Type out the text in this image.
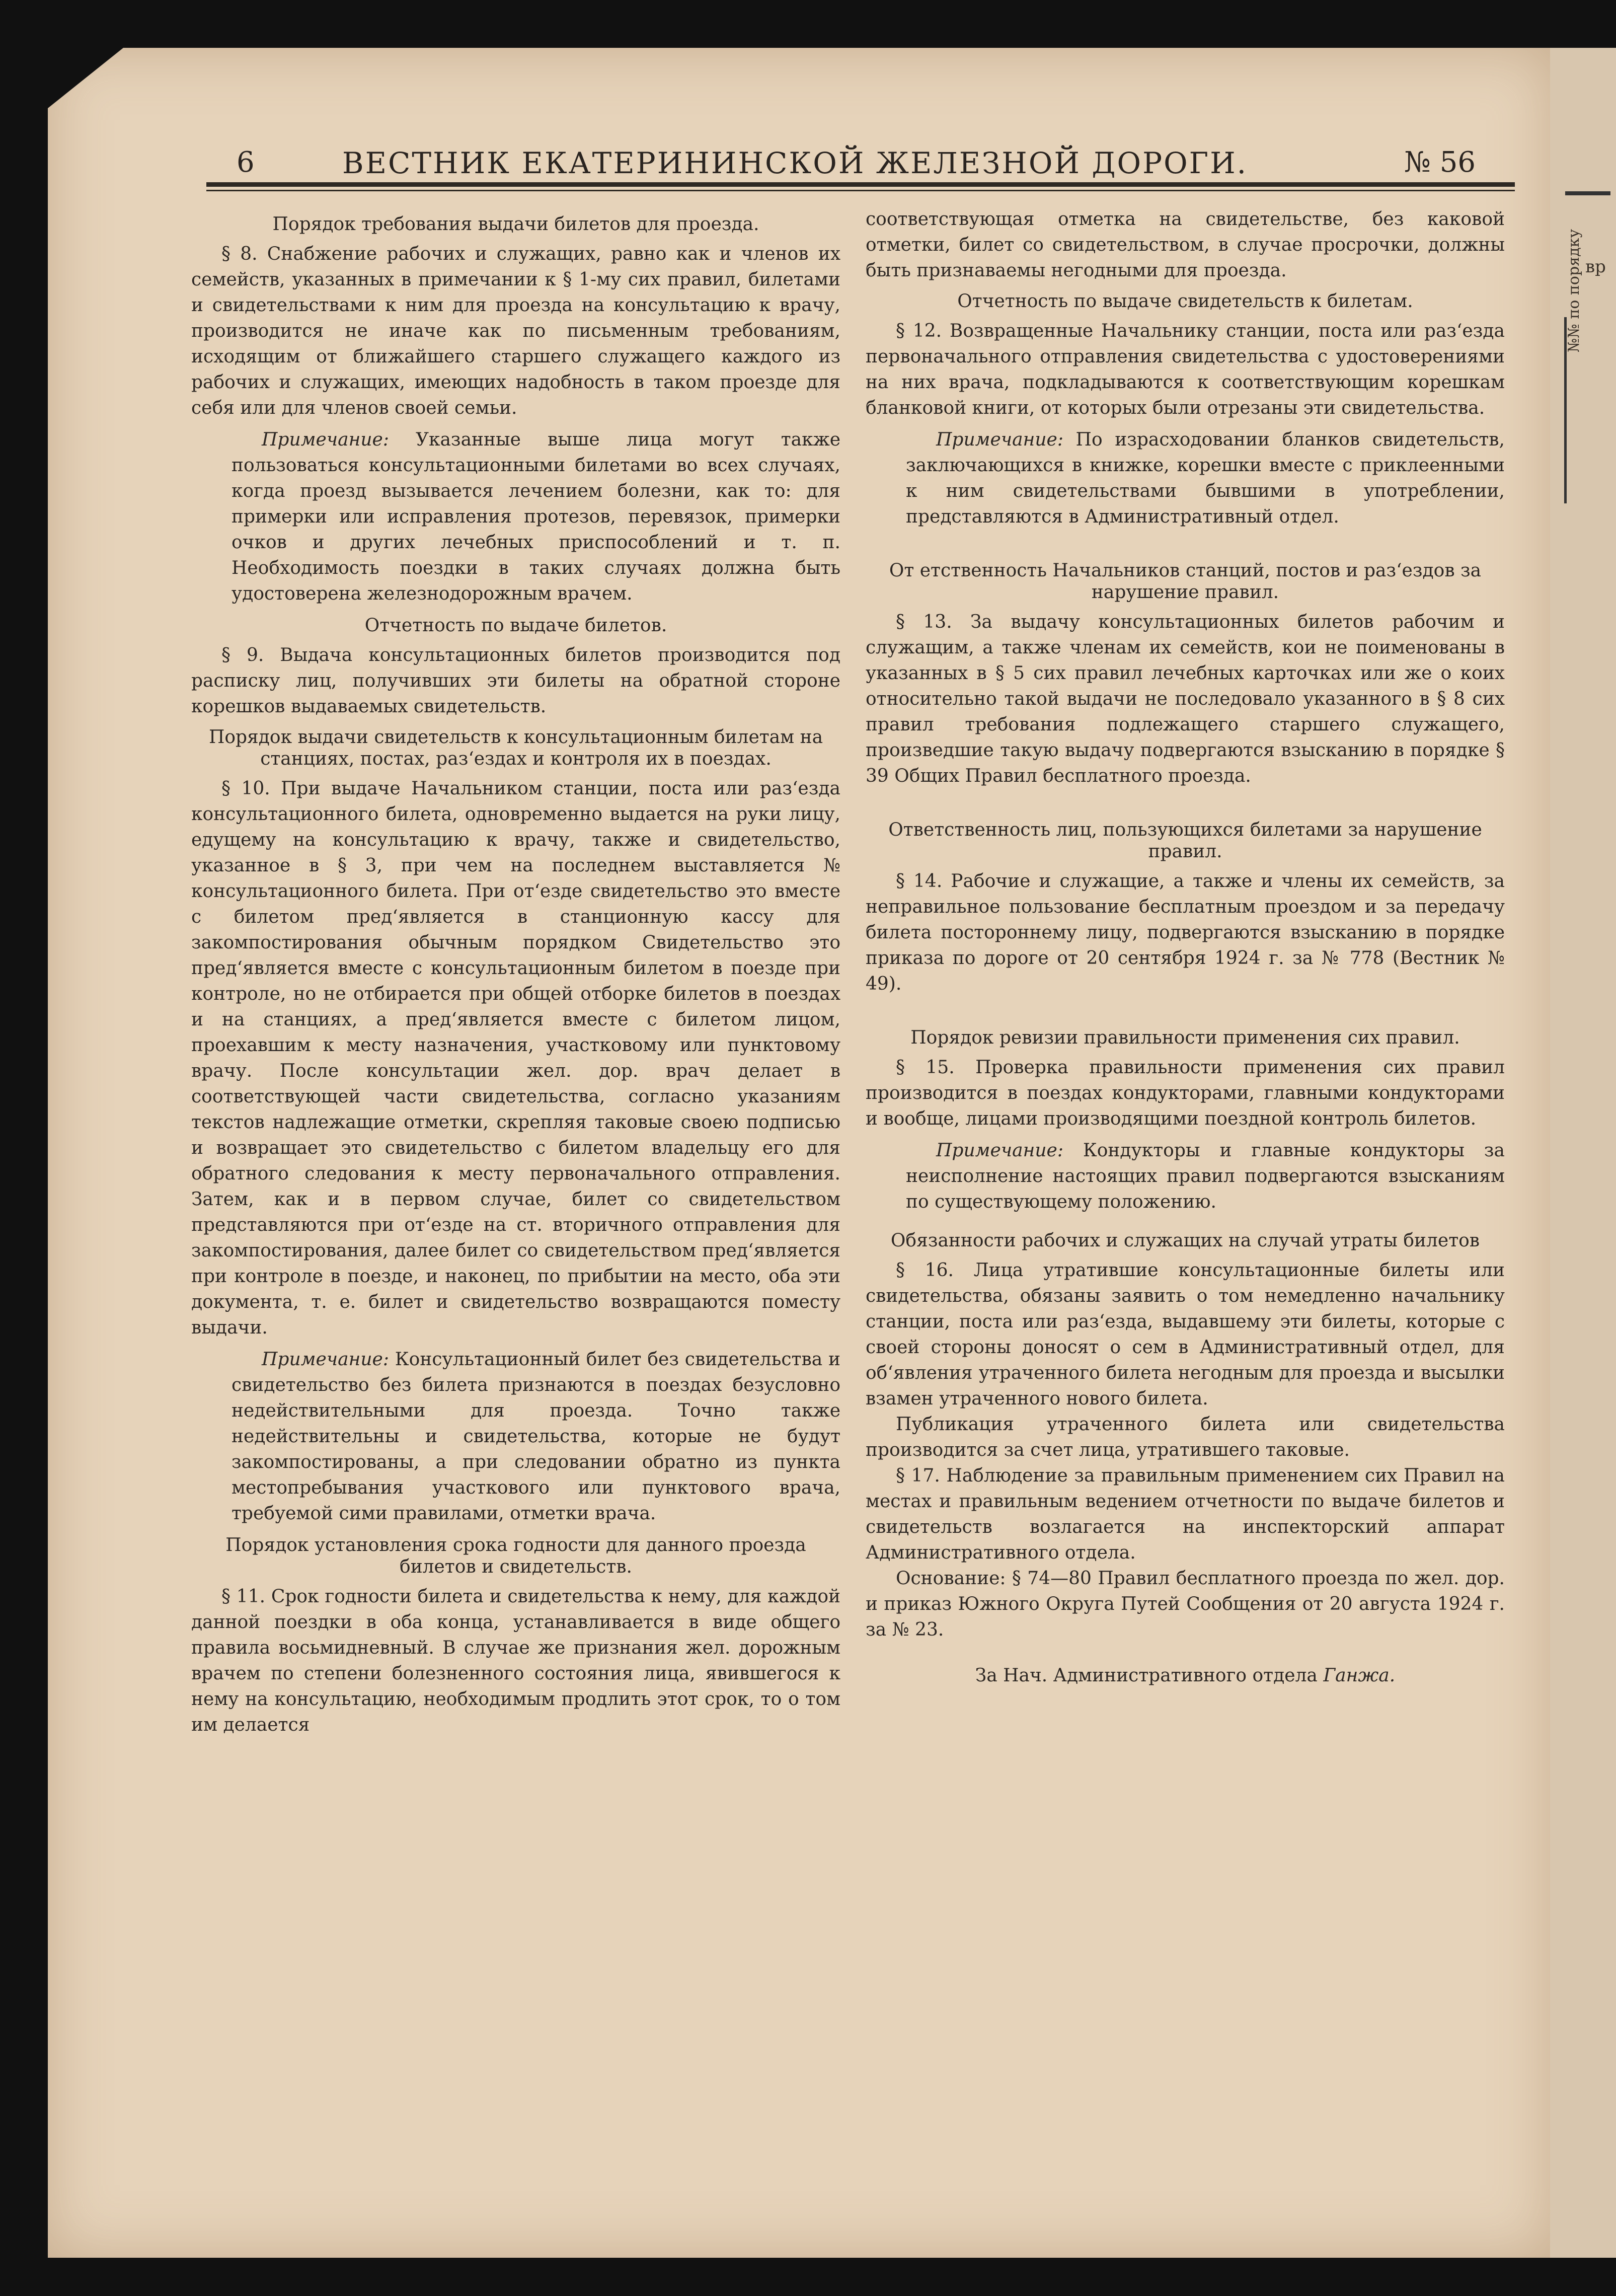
вр
№№ по порядку
6	ВЕСТНИК ЕКАТЕРИНИНСКОЙ ЖЕЛЕЗНОЙ ДОРОГИ.	№ 56

Порядок требования выдачи билетов для проезда.

§ 8. Снабжение рабочих и служащих, равно как и членов их семейств, указанных в примечании к § 1-му сих правил, билетами и свидетельствами к ним для проезда на консультацию к врачу, производится не иначе как по письменным требованиям, исходящим от ближайшего старшего служащего каждого из рабочих и служащих, имеющих надобность в таком проезде для себя или для членов своей семьи.

Примечание: Указанные выше лица могут также пользоваться консультационными билетами во всех случаях, когда проезд вызывается лечением болезни, как то: для примерки или исправления протезов, перевязок, примерки очков и других лечебных приспособлений и т. п. Необходимость поездки в таких случаях должна быть удостоверена железнодорожным врачем.

Отчетность по выдаче билетов.

§ 9. Выдача консультационных билетов производится под расписку лиц, получивших эти билеты на обратной стороне корешков выдаваемых свидетельств.

Порядок выдачи свидетельств к консультационным билетам на станциях, постах, раз‘ездах и контроля их в поездах.

§ 10. При выдаче Начальником станции, поста или раз‘езда консультационного билета, одновременно выдается на руки лицу, едущему на консультацию к врачу, также и свидетельство, указанное в § 3, при чем на последнем выставляется № консультационного билета. При от‘езде свидетельство это вместе с билетом пред‘является в станционную кассу для закомпостирования обычным порядком Свидетельство это пред‘является вместе с консультационным билетом в поезде при контроле, но не отбирается при общей отборке билетов в поездах и на станциях, а пред‘является вместе с билетом лицом, проехавшим к месту назначения, участковому или пунктовому врачу. После консультации жел. дор. врач делает в соответствующей части свидетельства, согласно указаниям текстов надлежащие отметки, скрепляя таковые своею подписью и возвращает это свидетельство с билетом владельцу его для обратного следования к месту первоначального отправления. Затем, как и в первом случае, билет со свидетельством представляются при от‘езде на ст. вторичного отправления для закомпостирования, далее билет со свидетельством пред‘является при контроле в поезде, и наконец, по прибытии на место, оба эти документа, т. е. билет и свидетельство возвращаются поместу выдачи.

Примечание: Консультационный билет без свидетельства и свидетельство без билета признаются в поездах безусловно недействительными для проезда. Точно также недействительны и свидетельства, которые не будут закомпостированы, а при следовании обратно из пункта местопребывания участкового или пунктового врача, требуемой сими правилами, отметки врача.

Порядок установления срока годности для данного проезда билетов и свидетельств.

§ 11. Срок годности билета и свидетельства к нему, для каждой данной поездки в оба конца, устанавливается в виде общего правила восьмидневный. В случае же признания жел. дорожным врачем по степени болезненного состояния лица, явившегося к нему на консультацию, необходимым продлить этот срок, то о том им делается

соответствующая отметка на свидетельстве, без каковой отметки, билет со свидетельством, в случае просрочки, должны быть признаваемы негодными для проезда.

Отчетность по выдаче свидетельств к билетам.

§ 12. Возвращенные Начальнику станции, поста или раз‘езда первоначального отправления свидетельства с удостоверениями на них врача, подкладываются к соответствующим корешкам бланковой книги, от которых были отрезаны эти свидетельства.

Примечание: По израсходовании бланков свидетельств, заключающихся в книжке, корешки вместе с приклеенными к ним свидетельствами бывшими в употреблении, представляются в Административный отдел.

От етственность Начальников станций, постов и раз‘ездов за нарушение правил.

§ 13. За выдачу консультационных билетов рабочим и служащим, а также членам их семейств, кои не поименованы в указанных в § 5 сих правил лечебных карточках или же о коих относительно такой выдачи не последовало указанного в § 8 сих правил требования подлежащего старшего служащего, произведшие такую выдачу подвергаются взысканию в порядке § 39 Общих Правил бесплатного проезда.

Ответственность лиц, пользующихся билетами за нарушение правил.

§ 14. Рабочие и служащие, а также и члены их семейств, за неправильное пользование бесплатным проездом и за передачу билета постороннему лицу, подвергаются взысканию в порядке приказа по дороге от 20 сентября 1924 г. за № 778 (Вестник № 49).

Порядок ревизии правильности применения сих правил.

§ 15. Проверка правильности применения сих правил производится в поездах кондукторами, главными кондукторами и вообще, лицами производящими поездной контроль билетов.

Примечание: Кондукторы и главные кондукторы за неисполнение настоящих правил подвергаются взысканиям по существующему положению.

Обязанности рабочих и служащих на случай утраты билетов

§ 16. Лица утратившие консультационные билеты или свидетельства, обязаны заявить о том немедленно начальнику станции, поста или раз‘езда, выдавшему эти билеты, которые с своей стороны доносят о сем в Административный отдел, для об‘явления утраченного билета негодным для проезда и высылки взамен утраченного нового билета.

Публикация утраченного билета или свидетельства производится за счет лица, утратившего таковые.

§ 17. Наблюдение за правильным применением сих Правил на местах и правильным ведением отчетности по выдаче билетов и свидетельств возлагается на инспекторский аппарат Административного отдела.

Основание: § 74—80 Правил бесплатного проезда по жел. дор. и приказ Южного Округа Путей Сообщения от 20 августа 1924 г. за № 23.

За Нач. Административного отдела Ганжа.
